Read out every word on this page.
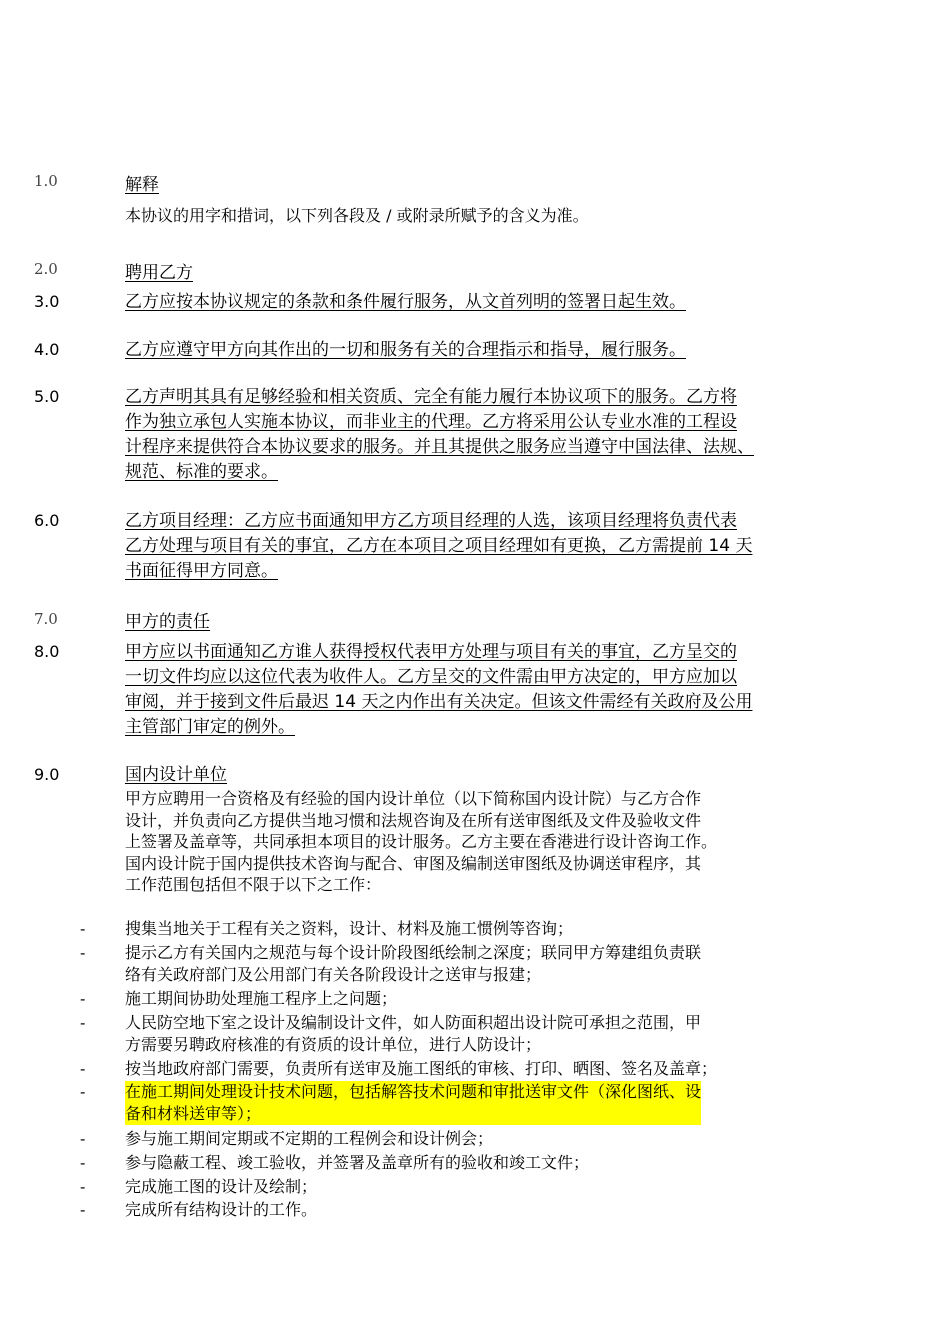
1.0	解释
本协议的用字和措词，以下列各段及 / 或附录所赋予的含义为准。
2.0	聘用乙方
3.0	乙方应按本协议规定的条款和条件履行服务，从文首列明的签署日起生效。
4.0	乙方应遵守甲方向其作出的一切和服务有关的合理指示和指导，履行服务。
5.0	乙方声明其具有足够经验和相关资质、完全有能力履行本协议项下的服务。乙方将
作为独立承包人实施本协议，而非业主的代理。乙方将采用公认专业水准的工程设
计程序来提供符合本协议要求的服务。并且其提供之服务应当遵守中国法律、法规、
规范、标准的要求。
6.0	乙方项目经理：乙方应书面通知甲方乙方项目经理的人选，该项目经理将负责代表
乙方处理与项目有关的事宜，乙方在本项目之项目经理如有更换，乙方需提前 14 天
书面征得甲方同意。
7.0	甲方的责任
8.0	甲方应以书面通知乙方谁人获得授权代表甲方处理与项目有关的事宜，乙方呈交的
一切文件均应以这位代表为收件人。乙方呈交的文件需由甲方决定的，甲方应加以
审阅，并于接到文件后最迟 14 天之内作出有关决定。但该文件需经有关政府及公用
主管部门审定的例外。
9.0	国内设计单位
甲方应聘用一合资格及有经验的国内设计单位（以下简称国内设计院）与乙方合作
设计，并负责向乙方提供当地习惯和法规咨询及在所有送审图纸及文件及验收文件
上签署及盖章等，共同承担本项目的设计服务。乙方主要在香港进行设计咨询工作。
国内设计院于国内提供技术咨询与配合、审图及编制送审图纸及协调送审程序，其
工作范围包括但不限于以下之工作：
- 搜集当地关于工程有关之资料，设计、材料及施工惯例等咨询；
- 提示乙方有关国内之规范与每个设计阶段图纸绘制之深度；联同甲方筹建组负责联
络有关政府部门及公用部门有关各阶段设计之送审与报建；
- 施工期间协助处理施工程序上之问题；
- 人民防空地下室之设计及编制设计文件，如人防面积超出设计院可承担之范围，甲
方需要另聘政府核准的有资质的设计单位，进行人防设计；
- 按当地政府部门需要，负责所有送审及施工图纸的审核、打印、晒图、签名及盖章；
- 在施工期间处理设计技术问题，包括解答技术问题和审批送审文件（深化图纸、设
备和材料送审等）；
- 参与施工期间定期或不定期的工程例会和设计例会；
- 参与隐蔽工程、竣工验收，并签署及盖章所有的验收和竣工文件；
- 完成施工图的设计及绘制；
- 完成所有结构设计的工作。
